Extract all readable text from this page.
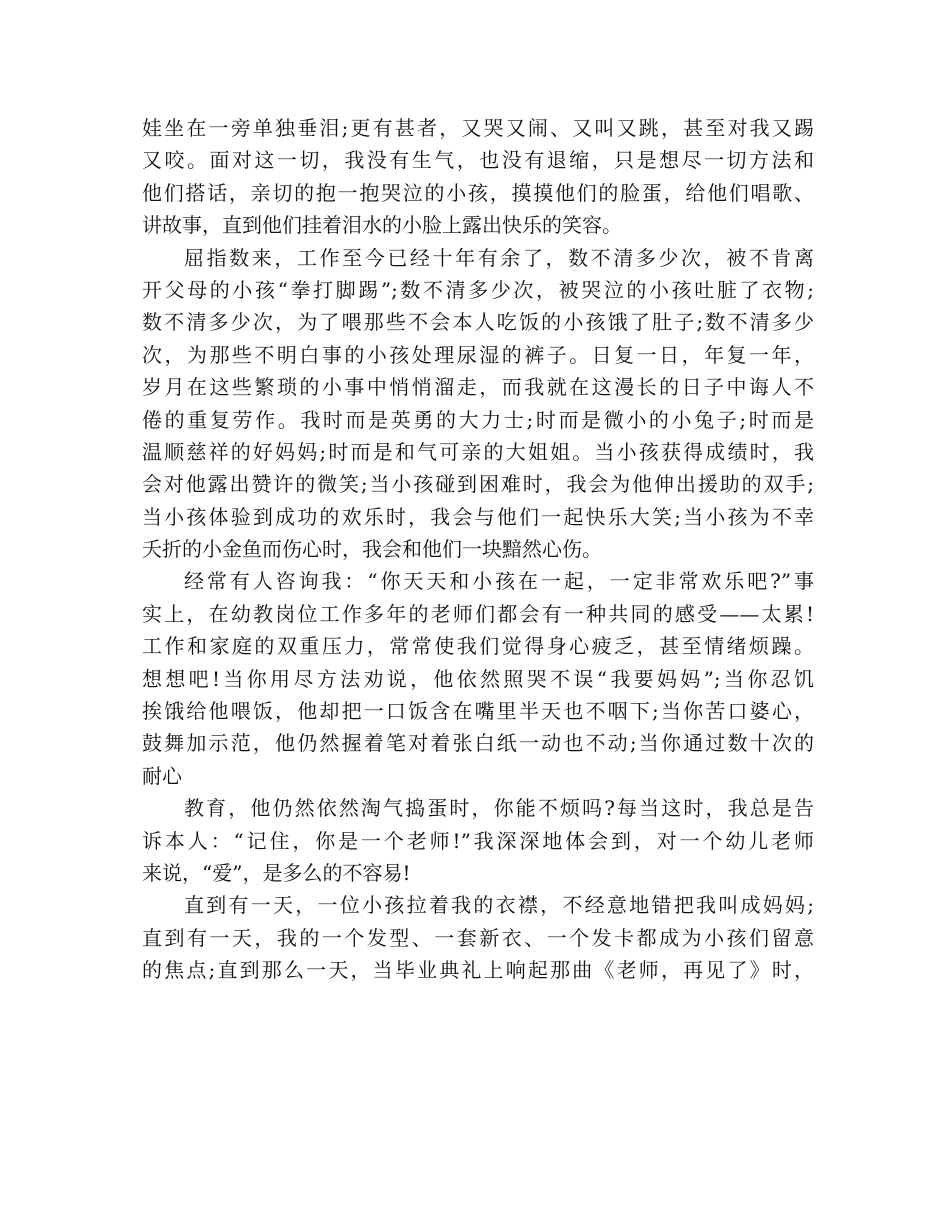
娃坐在一旁单独垂泪;更有甚者，又哭又闹、又叫又跳，甚至对我又踢
又咬。面对这一切，我没有生气，也没有退缩，只是想尽一切方法和
他们搭话，亲切的抱一抱哭泣的小孩，摸摸他们的脸蛋，给他们唱歌、
讲故事，直到他们挂着泪水的小脸上露出快乐的笑容。
屈指数来，工作至今已经十年有余了，数不清多少次，被不肯离
开父母的小孩“拳打脚踢”;数不清多少次，被哭泣的小孩吐脏了衣物;
数不清多少次，为了喂那些不会本人吃饭的小孩饿了肚子;数不清多少
次，为那些不明白事的小孩处理尿湿的裤子。日复一日，年复一年，
岁月在这些繁琐的小事中悄悄溜走，而我就在这漫长的日子中诲人不
倦的重复劳作。我时而是英勇的大力士;时而是微小的小兔子;时而是
温顺慈祥的好妈妈;时而是和气可亲的大姐姐。当小孩获得成绩时，我
会对他露出赞许的微笑;当小孩碰到困难时，我会为他伸出援助的双手;
当小孩体验到成功的欢乐时，我会与他们一起快乐大笑;当小孩为不幸
夭折的小金鱼而伤心时，我会和他们一块黯然心伤。
经常有人咨询我：“你天天和小孩在一起，一定非常欢乐吧?”事
实上，在幼教岗位工作多年的老师们都会有一种共同的感受——太累!
工作和家庭的双重压力，常常使我们觉得身心疲乏，甚至情绪烦躁。
想想吧!当你用尽方法劝说，他依然照哭不误“我要妈妈”;当你忍饥
挨饿给他喂饭，他却把一口饭含在嘴里半天也不咽下;当你苦口婆心，
鼓舞加示范，他仍然握着笔对着张白纸一动也不动;当你通过数十次的
耐心
教育，他仍然依然淘气捣蛋时，你能不烦吗?每当这时，我总是告
诉本人：“记住，你是一个老师!”我深深地体会到，对一个幼儿老师
来说，“爱”，是多么的不容易!
直到有一天，一位小孩拉着我的衣襟，不经意地错把我叫成妈妈;
直到有一天，我的一个发型、一套新衣、一个发卡都成为小孩们留意
的焦点;直到那么一天，当毕业典礼上响起那曲《老师，再见了》时，
